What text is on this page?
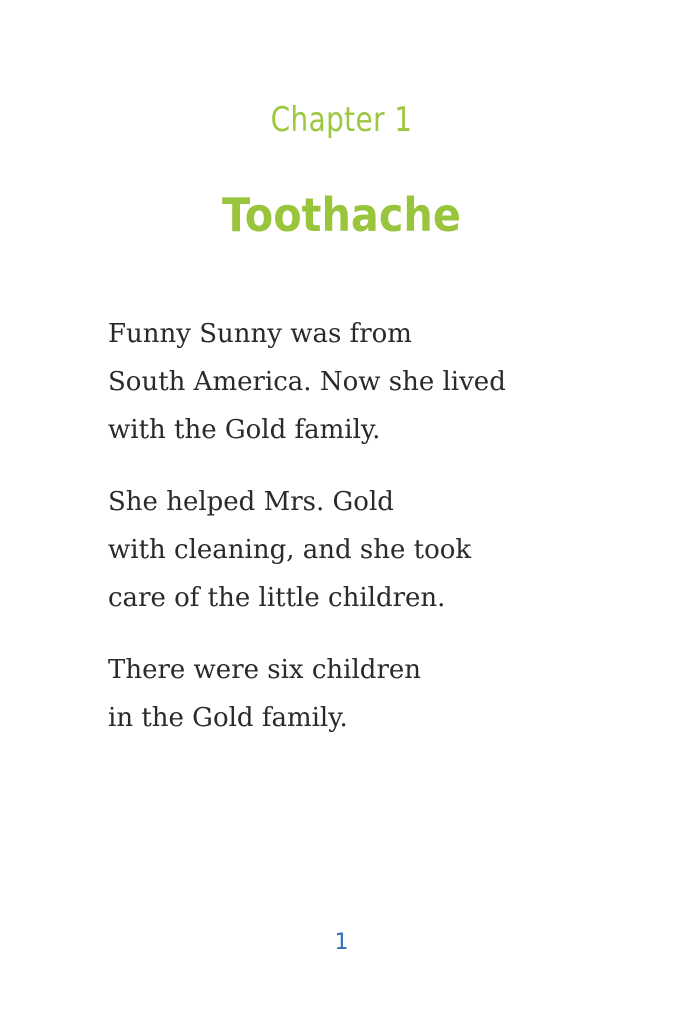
Chapter 1
Toothache
Funny Sunny was from
South America. Now she lived
with the Gold family.
She helped Mrs. Gold
with cleaning, and she took
care of the little children.
There were six children
in the Gold family.
1
